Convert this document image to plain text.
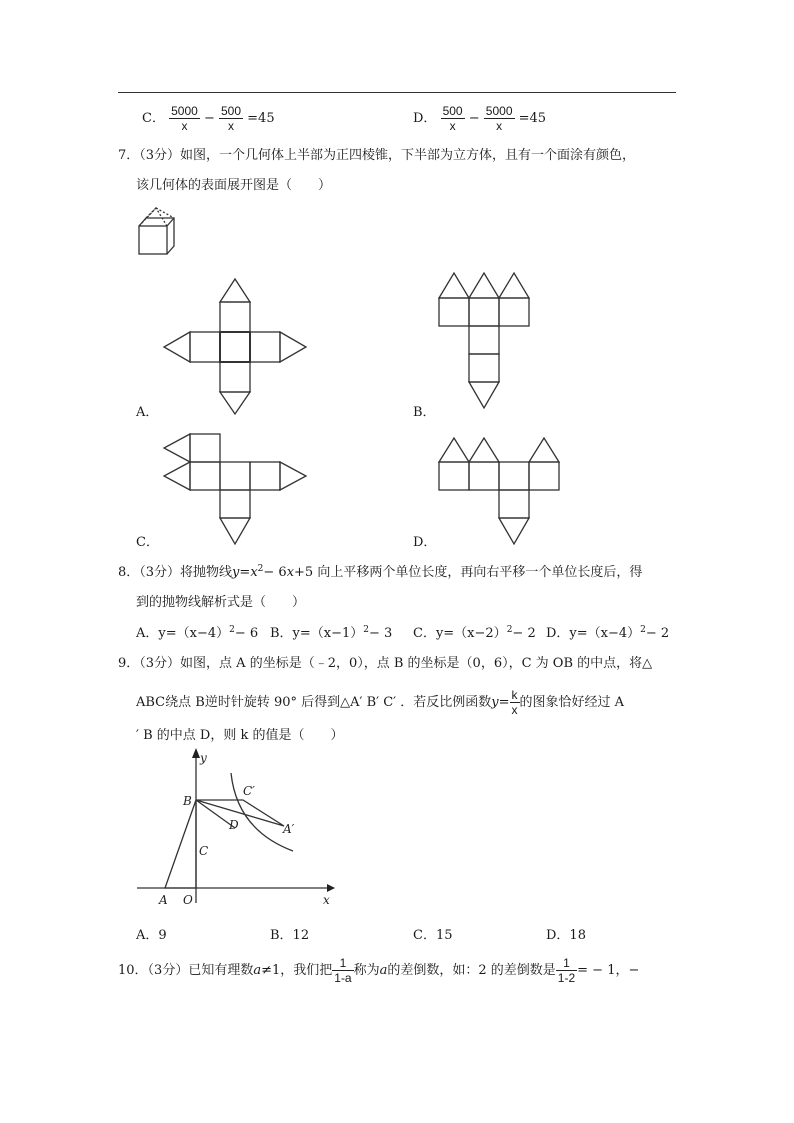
C． $\frac{5000}{x} - \frac{500}{x} =45$	D． $\frac{500}{x} - \frac{5000}{x} =45$
7．（3分）如图，一个几何体上半部为正四棱锥，下半部为立方体，且有一个面涂有颜色，
该几何体的表面展开图是（　　）
A．	B．
C．	D．
8．（3分）将抛物线$y=x^2- 6x+5$ 向上平移两个单位长度，再向右平移一个单位长度后，得
到的抛物线解析式是（　　）
A．$y=(x-4)^2- 6$ B．$y=(x-1)^2- 3$ C．$y=(x-2)^2- 2$ D．$y=(x-4)^2- 2$
9．（3分）如图，点 A 的坐标是（﹣2，0），点 B 的坐标是（0，6），C 为 OB 的中点，将△
ABC绕点 B逆时针旋转 90° 后得到△A′ B′ C′ ．若反比例函数$y= \frac{k}{x}$ 的图象恰好经过 A
′ B 的中点 D，则 k 的值是（　　）
y
x
B
C
A O
D
C′
A′
A．9	B．12	C．15	D．18
10．（3分）已知有理数a≠1，我们把 $\frac{1}{1-a}$ 称为a的差倒数，如：2 的差倒数是 $\frac{1}{1-2}$ = − 1，−
